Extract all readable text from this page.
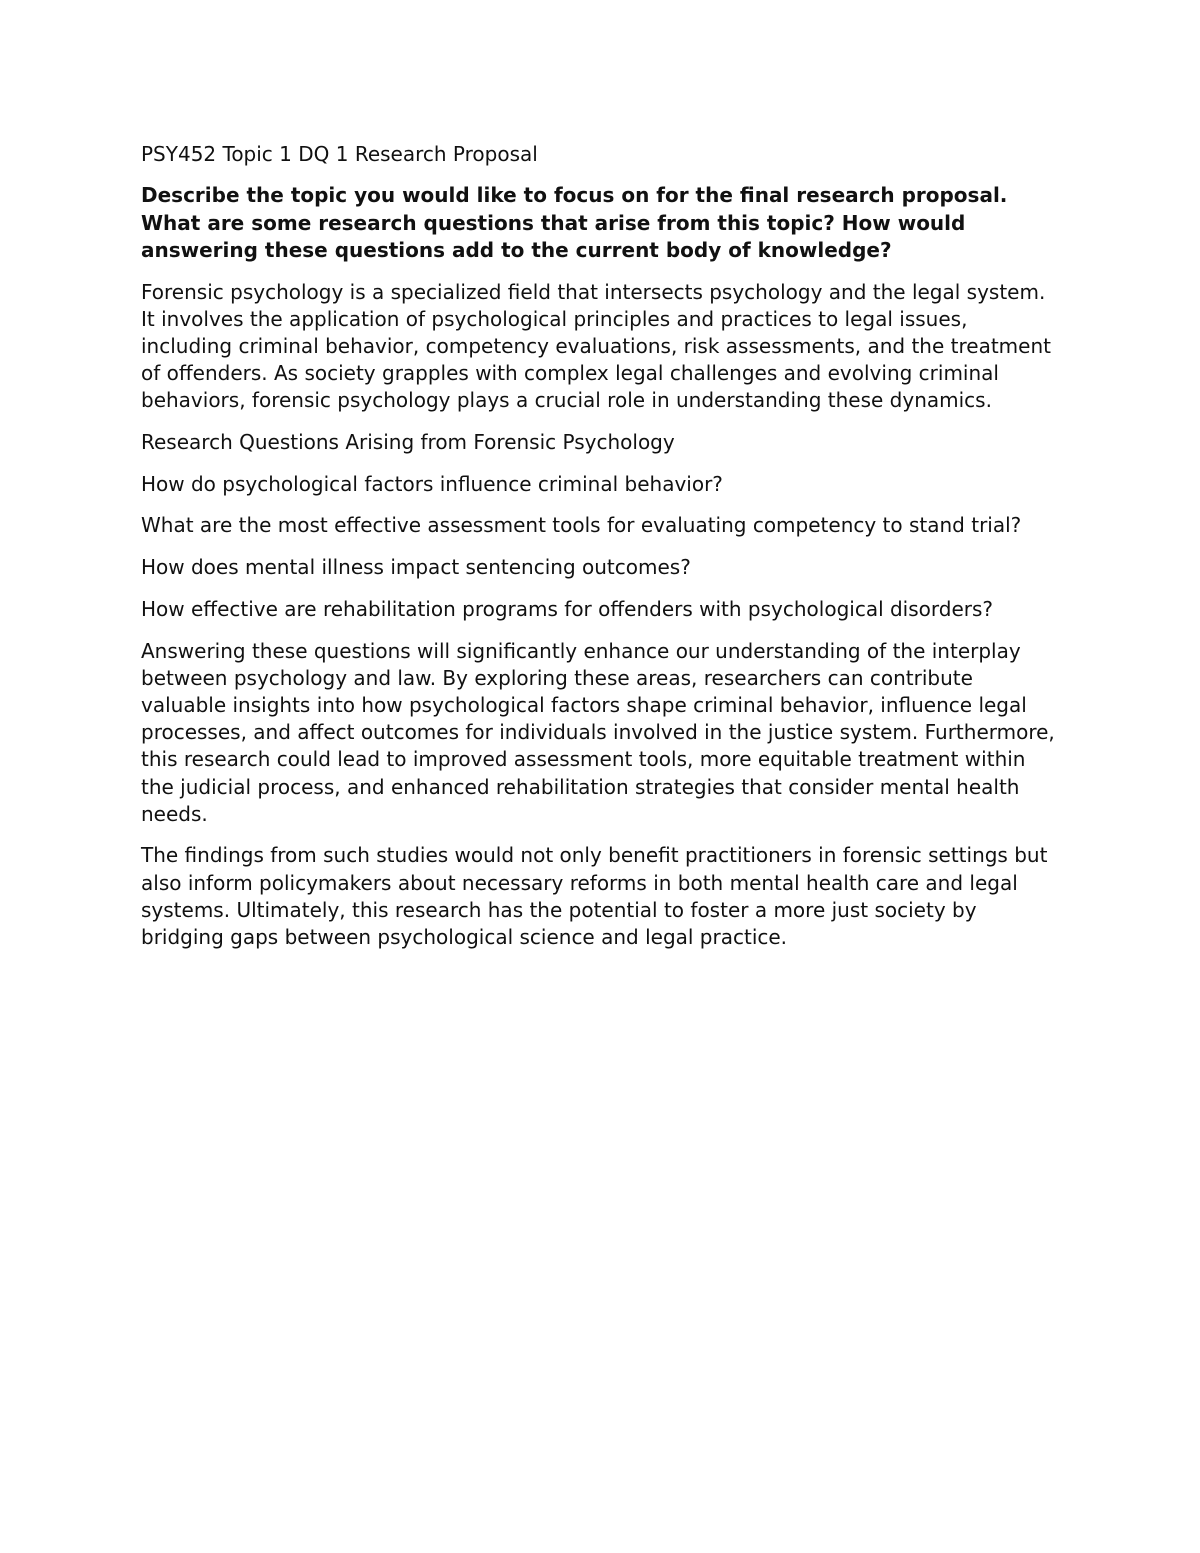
PSY452 Topic 1 DQ 1 Research Proposal
Describe the topic you would like to focus on for the final research proposal. What are some research questions that arise from this topic? How would answering these questions add to the current body of knowledge?

Forensic psychology is a specialized field that intersects psychology and the legal system. It involves the application of psychological principles and practices to legal issues, including criminal behavior, competency evaluations, risk assessments, and the treatment of offenders. As society grapples with complex legal challenges and evolving criminal behaviors, forensic psychology plays a crucial role in understanding these dynamics.

Research Questions Arising from Forensic Psychology

How do psychological factors influence criminal behavior?

What are the most effective assessment tools for evaluating competency to stand trial?

How does mental illness impact sentencing outcomes?

How effective are rehabilitation programs for offenders with psychological disorders?

Answering these questions will significantly enhance our understanding of the interplay between psychology and law. By exploring these areas, researchers can contribute valuable insights into how psychological factors shape criminal behavior, influence legal processes, and affect outcomes for individuals involved in the justice system. Furthermore, this research could lead to improved assessment tools, more equitable treatment within the judicial process, and enhanced rehabilitation strategies that consider mental health needs.

The findings from such studies would not only benefit practitioners in forensic settings but also inform policymakers about necessary reforms in both mental health care and legal systems. Ultimately, this research has the potential to foster a more just society by bridging gaps between psychological science and legal practice.
